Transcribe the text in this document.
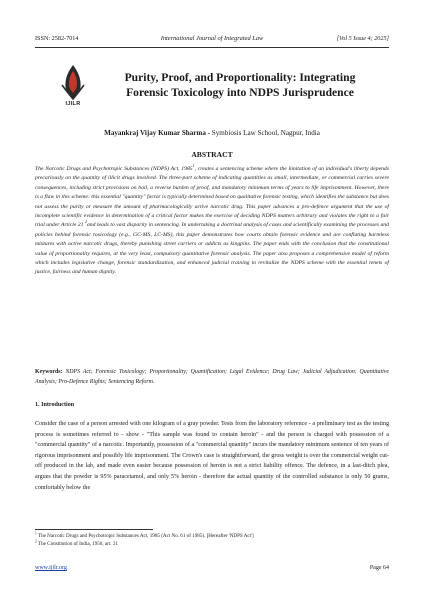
ISSN: 2582-7014	International Journal of Integrated Law	[Vol 5 Issue 4; 2025]
IJILR
Purity, Proof, and Proportionality: Integrating
Forensic Toxicology into NDPS Jurisprudence
Mayankraj Vijay Kumar Sharma - Symbiosis Law School, Nagpur, India
ABSTRACT

The Narcotic Drugs and Psychotropic Substances (NDPS) Act, 1985$^1$, creates a sentencing scheme where the limitation of an individual's liberty depends precariously on the quantity of illicit drugs involved. The three-part scheme of indicating quantities as small, intermediate, or commercial carries severe consequences, including strict provisions on bail, a reverse burden of proof, and mandatory minimum terms of years to life imprisonment. However, there is a flaw in this scheme: this essential "quantity" factor is typically determined based on qualitative forensic testing, which identifies the substance but does not assess the purity or measure the amount of pharmacologically active narcotic drug. This paper advances a pro-defence argument that the use of incomplete scientific evidence in determination of a critical factor makes the exercise of deciding NDPS matters arbitrary and violates the right to a fair trial under Article 21 $^2$and leads to vast disparity in sentencing. In undertaking a doctrinal analysis of cases and scientifically examining the processes and policies behind forensic toxicology (e.g., GC-MS, LC-MS), this paper demonstrates how courts obtain forensic evidence and are conflating harmless mixtures with active narcotic drugs, thereby punishing street carriers or addicts as kingpins. The paper ends with the conclusion that the constitutional value of proportionality requires, at the very least, compulsory quantitative forensic analysis. The paper also proposes a comprehensive model of reform which includes legislative change, forensic standardization, and enhanced judicial training to revitalize the NDPS scheme with the essential tenets of justice, fairness and human dignity.

Keywords: NDPS Act; Forensic Toxicology; Proportionality; Quantification; Legal Evidence; Drug Law; Judicial Adjudication; Quantitative Analysis; Pro-Defence Rights; Sentencing Reform.
1. Introduction

Consider the case of a person arrested with one kilogram of a gray powder. Tests from the laboratory reference - a preliminary test as the testing process is sometimes referred to - show - "This sample was found to contain heroin" - and the person is charged with possession of a "commercial quantity" of a narcotic. Importantly, possession of a "commercial quantity" incurs the mandatory minimum sentence of ten years of rigorous imprisonment and possibly life imprisonment. The Crown's case is straightforward, the gross weight is over the commercial weight cut-off produced in the lab, and made even easier because possession of heroin is not a strict liability offence. The defence, in a last-ditch plea, argues that the powder is 95% paracetamol, and only 5% heroin - therefore the actual quantity of the controlled substance is only 50 grams, comfortably below the

$^1$ The Narcotic Drugs and Psychotropic Substances Act, 1985 (Act No. 61 of 1985). [Hereafter 'NDPS Act']
$^2$ The Constitution of India, 1950, art. 21
www.ijilr.org	Page 64
